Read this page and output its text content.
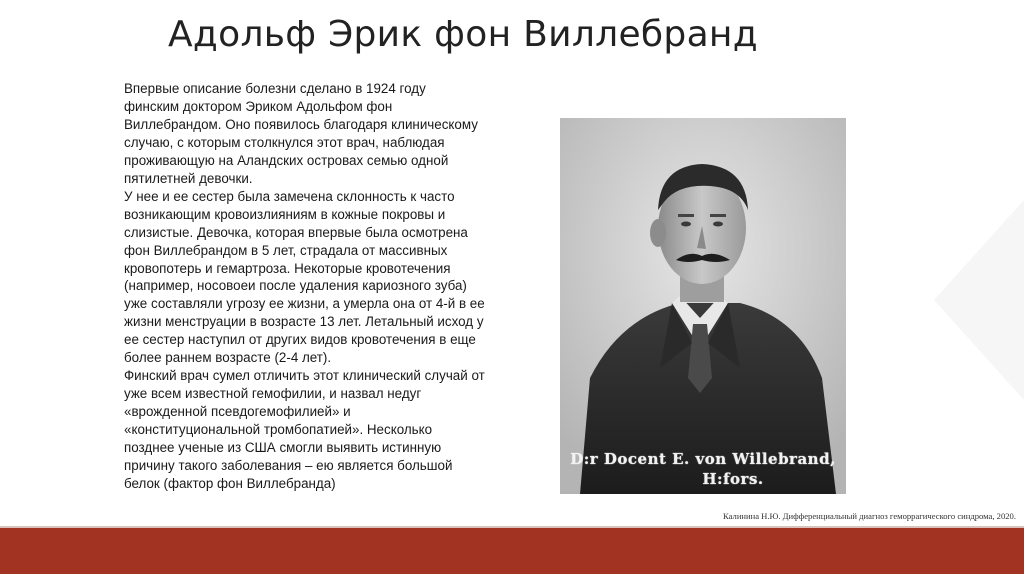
Адольф Эрик фон Виллебранд

Впервые описание болезни сделано в 1924 году
финским доктором Эриком Адольфом фон
Виллебрандом. Оно появилось благодаря клиническому
случаю, с которым столкнулся этот врач, наблюдая
проживающую на Аландских островах семью одной
пятилетней девочки.

У нее и ее сестер была замечена склонность к часто
возникающим кровоизлияниям в кожные покровы и
слизистые. Девочка, которая впервые была осмотрена
фон Виллебрандом в 5 лет, страдала от массивных
кровопотерь и гемартроза. Некоторые кровотечения
(например, носовоеи после удаления кариозного зуба)
уже составляли угрозу ее жизни, а умерла она от 4-й в ее
жизни менструации в возрасте 13 лет. Летальный исход у
ее сестер наступил от других видов кровотечения в еще
более раннем возрасте (2-4 лет).

Финский врач сумел отличить этот клинический случай от
уже всем известной гемофилии, и назвал недуг
«врожденной псевдогемофилией» и
«конституциональной тромбопатией». Несколько
позднее ученые из США смогли выявить истинную
причину такого заболевания – ею является большой
белок (фактор фон Виллебранда)

D:r Docent E. von Willebrand,
H:fors.
Калинина Н.Ю. Дифференциальный диагноз геморрагического синдрома, 2020.
